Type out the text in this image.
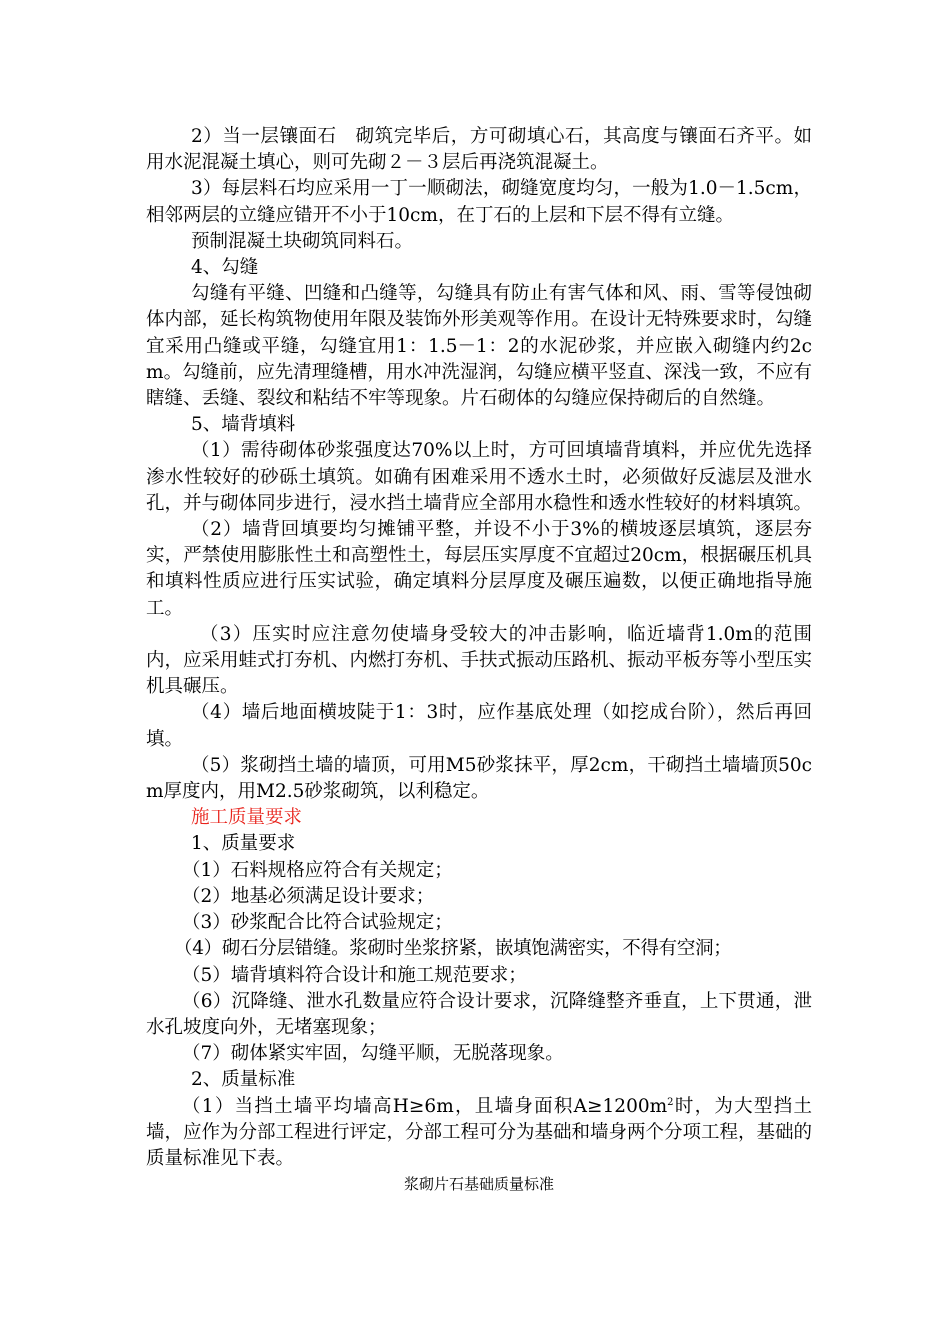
2）当一层镶面石　砌筑完毕后，方可砌填心石，其高度与镶面石齐平。如用水泥混凝土填心，则可先砌２－３层后再浇筑混凝土。

3）每层料石均应采用一丁一顺砌法，砌缝宽度均匀，一般为1.0－1.5cm，相邻两层的立缝应错开不小于10cm，在丁石的上层和下层不得有立缝。

预制混凝土块砌筑同料石。

4、勾缝

勾缝有平缝、凹缝和凸缝等，勾缝具有防止有害气体和风、雨、雪等侵蚀砌体内部，延长构筑物使用年限及装饰外形美观等作用。在设计无特殊要求时，勾缝宜采用凸缝或平缝，勾缝宜用1：1.5－1：2的水泥砂浆，并应嵌入砌缝内约2cm。勾缝前，应先清理缝槽，用水冲洗湿润，勾缝应横平竖直、深浅一致，不应有瞎缝、丢缝、裂纹和粘结不牢等现象。片石砌体的勾缝应保持砌后的自然缝。

5、墙背填料

（1）需待砌体砂浆强度达70%以上时，方可回填墙背填料，并应优先选择渗水性较好的砂砾土填筑。如确有困难采用不透水土时，必须做好反滤层及泄水孔，并与砌体同步进行，浸水挡土墙背应全部用水稳性和透水性较好的材料填筑。

（2）墙背回填要均匀摊铺平整，并设不小于3%的横坡逐层填筑，逐层夯实，严禁使用膨胀性土和高塑性土，每层压实厚度不宜超过20cm，根据碾压机具和填料性质应进行压实试验，确定填料分层厚度及碾压遍数，以便正确地指导施工。

（3）压实时应注意勿使墙身受较大的冲击影响，临近墙背1.0m的范围内，应采用蛙式打夯机、内燃打夯机、手扶式振动压路机、振动平板夯等小型压实机具碾压。

（4）墙后地面横坡陡于1：3时，应作基底处理（如挖成台阶），然后再回填。

（5）浆砌挡土墙的墙顶，可用M5砂浆抹平，厚2cm，干砌挡土墙墙顶50cm厚度内，用M2.5砂浆砌筑，以利稳定。

施工质量要求

1、质量要求

（1）石料规格应符合有关规定；

（2）地基必须满足设计要求；

（3）砂浆配合比符合试验规定；

（4）砌石分层错缝。浆砌时坐浆挤紧，嵌填饱满密实，不得有空洞；

（5）墙背填料符合设计和施工规范要求；

（6）沉降缝、泄水孔数量应符合设计要求，沉降缝整齐垂直，上下贯通，泄水孔坡度向外，无堵塞现象；

（7）砌体紧实牢固，勾缝平顺，无脱落现象。

2、质量标准

（1）当挡土墙平均墙高H≥6m，且墙身面积$A\ge 1200m^2$时，为大型挡土墙，应作为分部工程进行评定，分部工程可分为基础和墙身两个分项工程，基础的质量标准见下表。

浆砌片石基础质量标准
